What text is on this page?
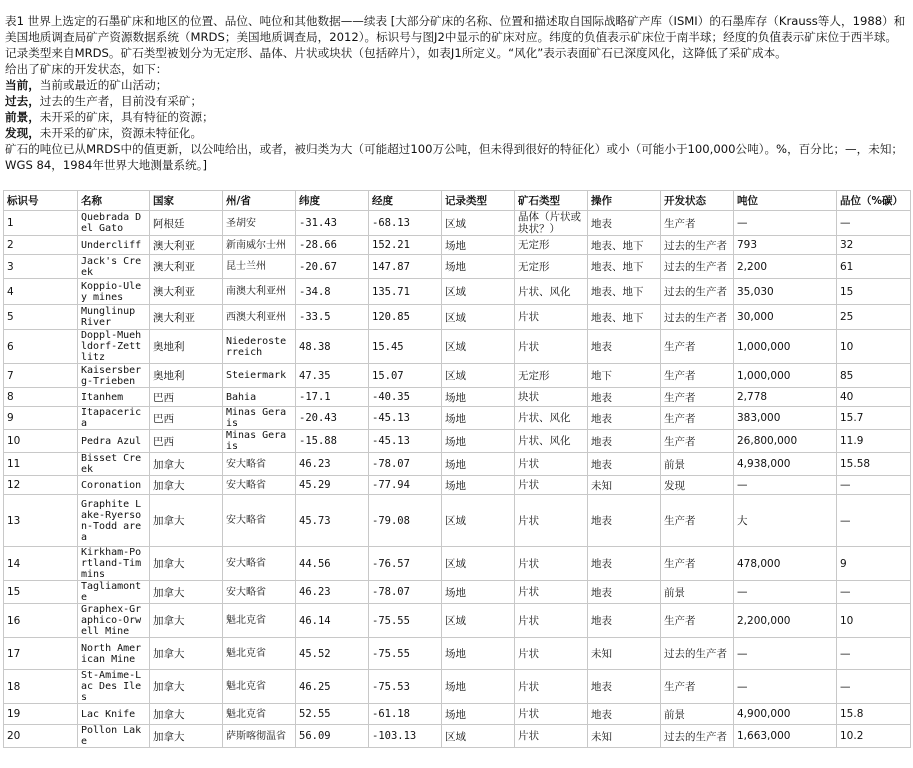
表1 世界上选定的石墨矿床和地区的位置、品位、吨位和其他数据——续表 [大部分矿床的名称、位置和描述取自国际战略矿产库（ISMI）的石墨库存（Krauss等人，1988）和美国地质调查局矿产资源数据系统（MRDS；美国地质调查局，2012）。标识号与图J2中显示的矿床对应。纬度的负值表示矿床位于南半球；经度的负值表示矿床位于西半球。记录类型来自MRDS。矿石类型被划分为无定形、晶体、片状或块状（包括碎片），如表J1所定义。“风化”表示表面矿石已深度风化，这降低了采矿成本。

给出了矿床的开发状态，如下：

当前，当前或最近的矿山活动；

过去，过去的生产者，目前没有采矿；

前景，未开采的矿床，具有特征的资源；

发现，未开采的矿床，资源未特征化。

矿石的吨位已从MRDS中的值更新，以公吨给出，或者，被归类为大（可能超过100万公吨，但未得到很好的特征化）或小（可能小于100,000公吨）。%，百分比；—，未知；WGS 84，1984年世界大地测量系统。]

标识号	名称	国家	州/省	纬度	经度	记录类型	矿石类型	操作	开发状态	吨位	品位（%碳）
1	Quebrada Del Gato	阿根廷	圣胡安	-31.43	-68.13	区域	晶体（片状或块状？）	地表	生产者	—	—
2	Undercliff	澳大利亚	新南威尔士州	-28.66	152.21	场地	无定形	地表、地下	过去的生产者	793	32
3	Jack's Creek	澳大利亚	昆士兰州	-20.67	147.87	场地	无定形	地表、地下	过去的生产者	2,200	61
4	Koppio-Uley mines	澳大利亚	南澳大利亚州	-34.8	135.71	区域	片状、风化	地表、地下	过去的生产者	35,030	15
5	Munglinup River	澳大利亚	西澳大利亚州	-33.5	120.85	区域	片状	地表、地下	过去的生产者	30,000	25
6	Doppl-Muehldorf-Zettlitz	奥地利	Niederosterreich	48.38	15.45	区域	片状	地表	生产者	1,000,000	10
7	Kaisersberg-Trieben	奥地利	Steiermark	47.35	15.07	区域	无定形	地下	生产者	1,000,000	85
8	Itanhem	巴西	Bahia	-17.1	-40.35	场地	块状	地表	生产者	2,778	40
9	Itapacerica	巴西	Minas Gerais	-20.43	-45.13	场地	片状、风化	地表	生产者	383,000	15.7
10	Pedra Azul	巴西	Minas Gerais	-15.88	-45.13	场地	片状、风化	地表	生产者	26,800,000	11.9
11	Bisset Creek	加拿大	安大略省	46.23	-78.07	场地	片状	地表	前景	4,938,000	15.58
12	Coronation	加拿大	安大略省	45.29	-77.94	场地	片状	未知	发现	—	—
13	Graphite Lake-Ryerson-Todd area	加拿大	安大略省	45.73	-79.08	区域	片状	地表	生产者	大	—
14	Kirkham-Portland-Timmins	加拿大	安大略省	44.56	-76.57	区域	片状	地表	生产者	478,000	9
15	Tagliamonte	加拿大	安大略省	46.23	-78.07	场地	片状	地表	前景	—	—
16	Graphex-Graphico-Orwell Mine	加拿大	魁北克省	46.14	-75.55	区域	片状	地表	生产者	2,200,000	10
17	North American Mine	加拿大	魁北克省	45.52	-75.55	场地	片状	未知	过去的生产者	—	—
18	St-Amime-Lac Des Iles	加拿大	魁北克省	46.25	-75.53	场地	片状	地表	生产者	—	—
19	Lac Knife	加拿大	魁北克省	52.55	-61.18	场地	片状	地表	前景	4,900,000	15.8
20	Pollon Lake	加拿大	萨斯喀彻温省	56.09	-103.13	区域	片状	未知	过去的生产者	1,663,000	10.2
